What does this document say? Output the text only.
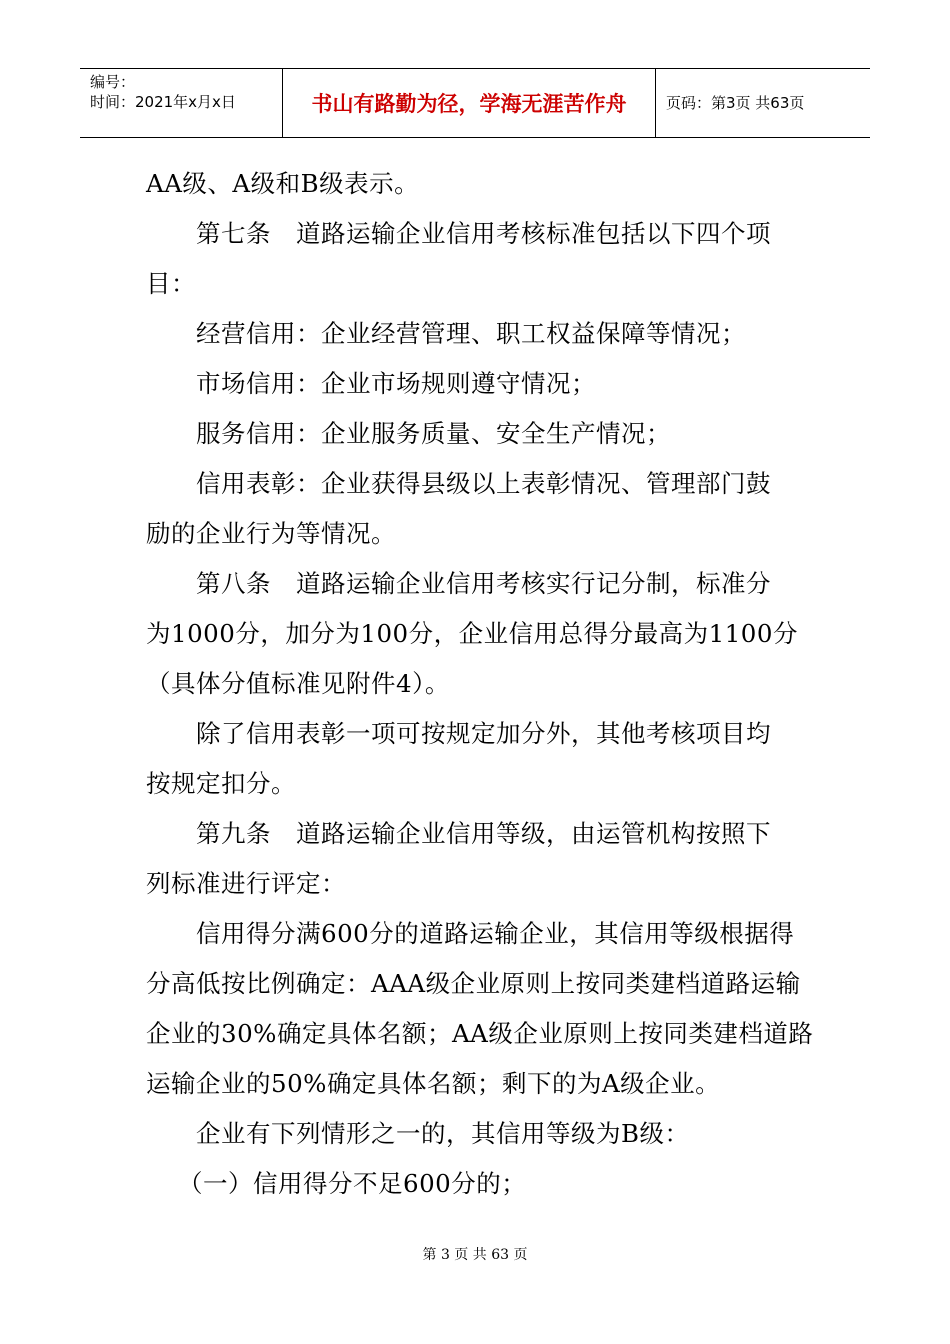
编号：
时间：2021年x月x日	书山有路勤为径，学海无涯苦作舟	页码：第3页 共63页
AA级、A级和B级表示。
第七条　道路运输企业信用考核标准包括以下四个项
目：
经营信用：企业经营管理、职工权益保障等情况；
市场信用：企业市场规则遵守情况；
服务信用：企业服务质量、安全生产情况；
信用表彰：企业获得县级以上表彰情况、管理部门鼓
励的企业行为等情况。
第八条　道路运输企业信用考核实行记分制，标准分
为1000分，加分为100分，企业信用总得分最高为1100分
（具体分值标准见附件4）。
除了信用表彰一项可按规定加分外，其他考核项目均
按规定扣分。
第九条　道路运输企业信用等级，由运管机构按照下
列标准进行评定：
信用得分满600分的道路运输企业，其信用等级根据得
分高低按比例确定：AAA级企业原则上按同类建档道路运输
企业的30%确定具体名额；AA级企业原则上按同类建档道路
运输企业的50%确定具体名额；剩下的为A级企业。
企业有下列情形之一的，其信用等级为B级：
（一）信用得分不足600分的；
第 3 页 共 63 页
